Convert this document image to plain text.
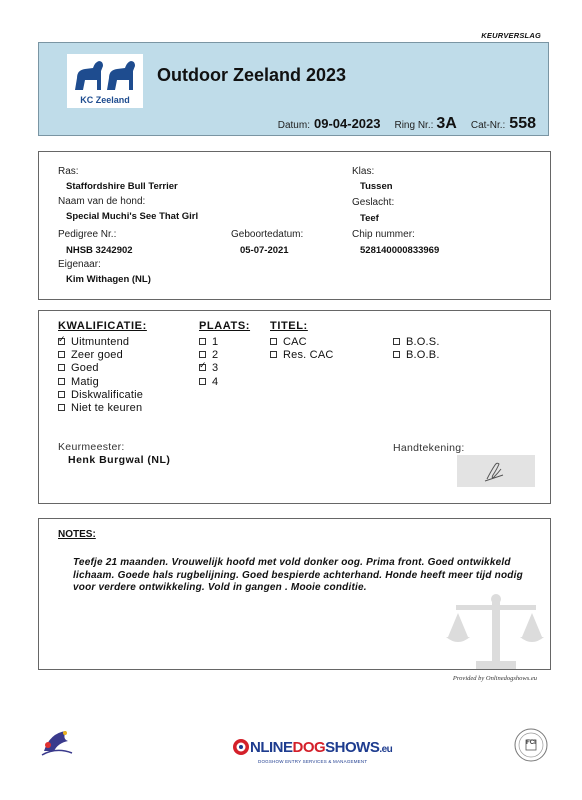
KEURVERSLAG
KC Zeeland
Outdoor Zeeland 2023
Datum: 09-04-2023 Ring Nr.: 3A Cat-Nr.: 558
Ras:
Staffordshire Bull Terrier
Naam van de hond:
Special Muchi's See That Girl
Pedigree Nr.:
NHSB 3242902
Geboortedatum:
05-07-2021
Eigenaar:
Kim Withagen (NL)
Klas:
Tussen
Geslacht:
Teef
Chip nummer:
528140000833969
KWALIFICATIE:
✓Uitmuntend
Zeer goed
Goed
Matig
Diskwalificatie
Niet te keuren
PLAATS:
1
2
✓3
4
TITEL:
CAC
Res. CAC
B.O.S.
B.O.B.
Keurmeester:
Henk Burgwal (NL)
Handtekening:
NOTES:
Teefje 21 maanden. Vrouwelijk hoofd met vold donker oog. Prima front. Goed ontwikkeld lichaam. Goede hals rugbelijning. Goed bespierde achterhand. Honde heeft meer tijd nodig voor verdere ontwikkeling. Vold in gangen . Mooie conditie.
Provided by Onlinedogshows.eu
NLINEDOGSHOWS.eu
DOGSHOW ENTRY SERVICES & MANAGEMENT
FCI
